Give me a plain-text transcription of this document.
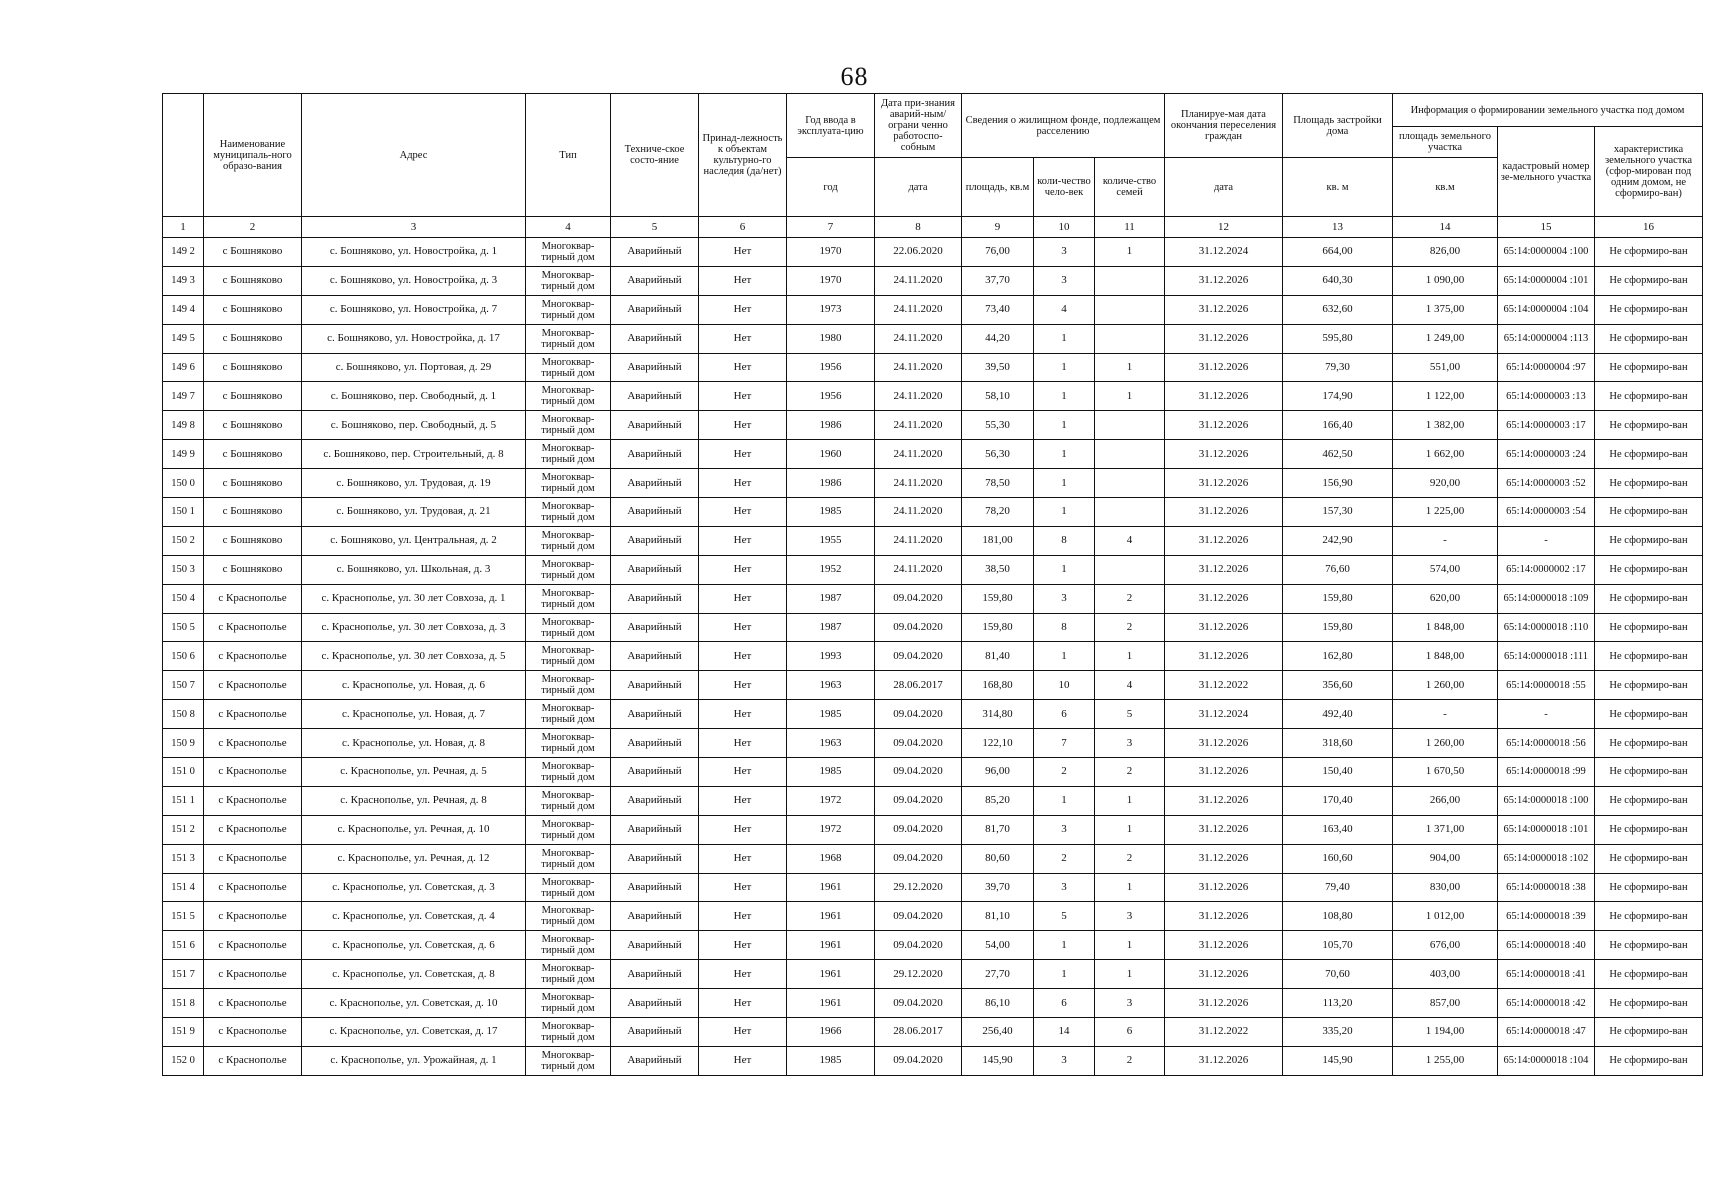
68
	Наименование муниципаль-ного образо-вания	Адрес	Тип	Техниче-ское состо-яние	Принад-лежность к объектам культурно-го наследия (да/нет)	Год ввода в эксплуата-цию	Дата при-знания аварий-ным/ограни ченно работоспо-собным	Сведения о жилищном фонде, подлежащем расселению			Планируе-мая дата окончания переселения граждан	Площадь застройки дома	Информация о формировании земельного участка под домом		
													площадь земельного участка	кадастровый номер зе-мельного участка	характеристика земельного участка (сфор-мирован под одним домом, не сформиро-ван)
						год	дата	площадь, кв.м	коли-чество чело-век	количе-ство семей	дата	кв. м	кв.м		
1	2	3	4	5	6	7	8	9	10	11	12	13	14	15	16
149 2	с Бошняково	с. Бошняково, ул. Новостройка, д. 1	Многоквар-тирный дом	Аварийный	Нет	1970	22.06.2020	76,00	3	1	31.12.2024	664,00	826,00	65:14:0000004 :100	Не сформиро-ван
149 3	с Бошняково	с. Бошняково, ул. Новостройка, д. 3	Многоквар-тирный дом	Аварийный	Нет	1970	24.11.2020	37,70	3		31.12.2026	640,30	1 090,00	65:14:0000004 :101	Не сформиро-ван
149 4	с Бошняково	с. Бошняково, ул. Новостройка, д. 7	Многоквар-тирный дом	Аварийный	Нет	1973	24.11.2020	73,40	4		31.12.2026	632,60	1 375,00	65:14:0000004 :104	Не сформиро-ван
149 5	с Бошняково	с. Бошняково, ул. Новостройка, д. 17	Многоквар-тирный дом	Аварийный	Нет	1980	24.11.2020	44,20	1		31.12.2026	595,80	1 249,00	65:14:0000004 :113	Не сформиро-ван
149 6	с Бошняково	с. Бошняково, ул. Портовая, д. 29	Многоквар-тирный дом	Аварийный	Нет	1956	24.11.2020	39,50	1	1	31.12.2026	79,30	551,00	65:14:0000004 :97	Не сформиро-ван
149 7	с Бошняково	с. Бошняково, пер. Свободный, д. 1	Многоквар-тирный дом	Аварийный	Нет	1956	24.11.2020	58,10	1	1	31.12.2026	174,90	1 122,00	65:14:0000003 :13	Не сформиро-ван
149 8	с Бошняково	с. Бошняково, пер. Свободный, д. 5	Многоквар-тирный дом	Аварийный	Нет	1986	24.11.2020	55,30	1		31.12.2026	166,40	1 382,00	65:14:0000003 :17	Не сформиро-ван
149 9	с Бошняково	с. Бошняково, пер. Строительный, д. 8	Многоквар-тирный дом	Аварийный	Нет	1960	24.11.2020	56,30	1		31.12.2026	462,50	1 662,00	65:14:0000003 :24	Не сформиро-ван
150 0	с Бошняково	с. Бошняково, ул. Трудовая, д. 19	Многоквар-тирный дом	Аварийный	Нет	1986	24.11.2020	78,50	1		31.12.2026	156,90	920,00	65:14:0000003 :52	Не сформиро-ван
150 1	с Бошняково	с. Бошняково, ул. Трудовая, д. 21	Многоквар-тирный дом	Аварийный	Нет	1985	24.11.2020	78,20	1		31.12.2026	157,30	1 225,00	65:14:0000003 :54	Не сформиро-ван
150 2	с Бошняково	с. Бошняково, ул. Центральная, д. 2	Многоквар-тирный дом	Аварийный	Нет	1955	24.11.2020	181,00	8	4	31.12.2026	242,90	-	-	Не сформиро-ван
150 3	с Бошняково	с. Бошняково, ул. Школьная, д. 3	Многоквар-тирный дом	Аварийный	Нет	1952	24.11.2020	38,50	1		31.12.2026	76,60	574,00	65:14:0000002 :17	Не сформиро-ван
150 4	с Краснополье	с. Краснополье, ул. 30 лет Совхоза, д. 1	Многоквар-тирный дом	Аварийный	Нет	1987	09.04.2020	159,80	3	2	31.12.2026	159,80	620,00	65:14:0000018 :109	Не сформиро-ван
150 5	с Краснополье	с. Краснополье, ул. 30 лет Совхоза, д. 3	Многоквар-тирный дом	Аварийный	Нет	1987	09.04.2020	159,80	8	2	31.12.2026	159,80	1 848,00	65:14:0000018 :110	Не сформиро-ван
150 6	с Краснополье	с. Краснополье, ул. 30 лет Совхоза, д. 5	Многоквар-тирный дом	Аварийный	Нет	1993	09.04.2020	81,40	1	1	31.12.2026	162,80	1 848,00	65:14:0000018 :111	Не сформиро-ван
150 7	с Краснополье	с. Краснополье, ул. Новая, д. 6	Многоквар-тирный дом	Аварийный	Нет	1963	28.06.2017	168,80	10	4	31.12.2022	356,60	1 260,00	65:14:0000018 :55	Не сформиро-ван
150 8	с Краснополье	с. Краснополье, ул. Новая, д. 7	Многоквар-тирный дом	Аварийный	Нет	1985	09.04.2020	314,80	6	5	31.12.2024	492,40	-	-	Не сформиро-ван
150 9	с Краснополье	с. Краснополье, ул. Новая, д. 8	Многоквар-тирный дом	Аварийный	Нет	1963	09.04.2020	122,10	7	3	31.12.2026	318,60	1 260,00	65:14:0000018 :56	Не сформиро-ван
151 0	с Краснополье	с. Краснополье, ул. Речная, д. 5	Многоквар-тирный дом	Аварийный	Нет	1985	09.04.2020	96,00	2	2	31.12.2026	150,40	1 670,50	65:14:0000018 :99	Не сформиро-ван
151 1	с Краснополье	с. Краснополье, ул. Речная, д. 8	Многоквар-тирный дом	Аварийный	Нет	1972	09.04.2020	85,20	1	1	31.12.2026	170,40	266,00	65:14:0000018 :100	Не сформиро-ван
151 2	с Краснополье	с. Краснополье, ул. Речная, д. 10	Многоквар-тирный дом	Аварийный	Нет	1972	09.04.2020	81,70	3	1	31.12.2026	163,40	1 371,00	65:14:0000018 :101	Не сформиро-ван
151 3	с Краснополье	с. Краснополье, ул. Речная, д. 12	Многоквар-тирный дом	Аварийный	Нет	1968	09.04.2020	80,60	2	2	31.12.2026	160,60	904,00	65:14:0000018 :102	Не сформиро-ван
151 4	с Краснополье	с. Краснополье, ул. Советская, д. 3	Многоквар-тирный дом	Аварийный	Нет	1961	29.12.2020	39,70	3	1	31.12.2026	79,40	830,00	65:14:0000018 :38	Не сформиро-ван
151 5	с Краснополье	с. Краснополье, ул. Советская, д. 4	Многоквар-тирный дом	Аварийный	Нет	1961	09.04.2020	81,10	5	3	31.12.2026	108,80	1 012,00	65:14:0000018 :39	Не сформиро-ван
151 6	с Краснополье	с. Краснополье, ул. Советская, д. 6	Многоквар-тирный дом	Аварийный	Нет	1961	09.04.2020	54,00	1	1	31.12.2026	105,70	676,00	65:14:0000018 :40	Не сформиро-ван
151 7	с Краснополье	с. Краснополье, ул. Советская, д. 8	Многоквар-тирный дом	Аварийный	Нет	1961	29.12.2020	27,70	1	1	31.12.2026	70,60	403,00	65:14:0000018 :41	Не сформиро-ван
151 8	с Краснополье	с. Краснополье, ул. Советская, д. 10	Многоквар-тирный дом	Аварийный	Нет	1961	09.04.2020	86,10	6	3	31.12.2026	113,20	857,00	65:14:0000018 :42	Не сформиро-ван
151 9	с Краснополье	с. Краснополье, ул. Советская, д. 17	Многоквар-тирный дом	Аварийный	Нет	1966	28.06.2017	256,40	14	6	31.12.2022	335,20	1 194,00	65:14:0000018 :47	Не сформиро-ван
152 0	с Краснополье	с. Краснополье, ул. Урожайная, д. 1	Многоквар-тирный дом	Аварийный	Нет	1985	09.04.2020	145,90	3	2	31.12.2026	145,90	1 255,00	65:14:0000018 :104	Не сформиро-ван
